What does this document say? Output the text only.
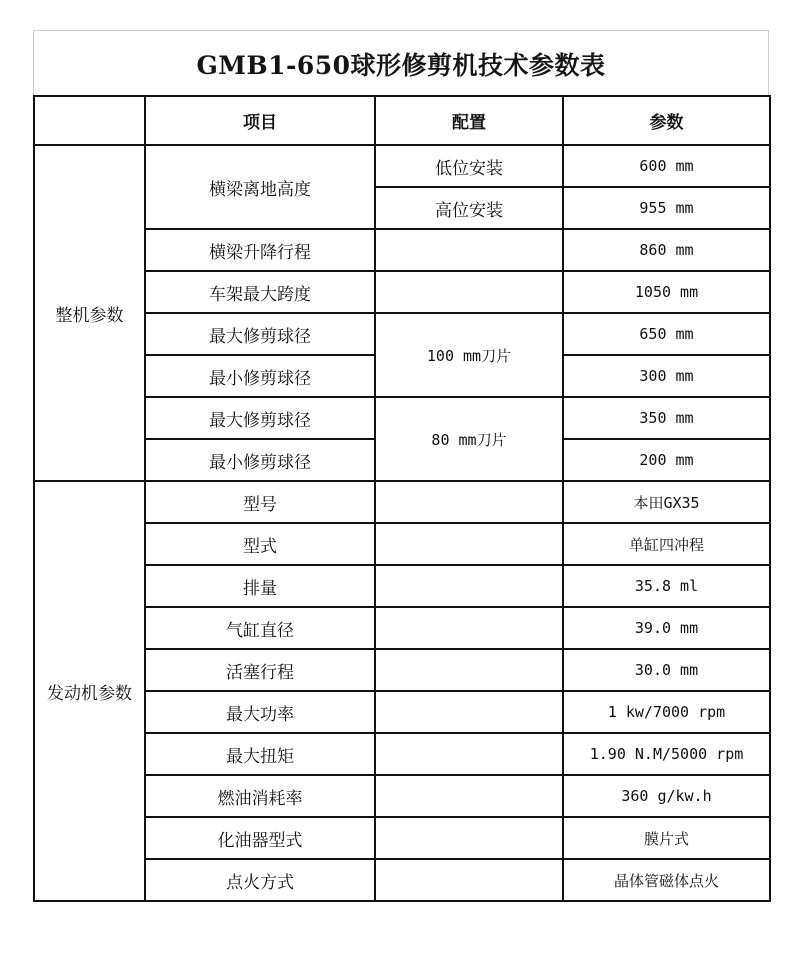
GMB1-650球形修剪机技术参数表
	项目	配置	参数
整机参数	横梁离地高度	低位安装	600 mm
		高位安装	955 mm
	横梁升降行程		860 mm
	车架最大跨度		1050 mm
	最大修剪球径	100 mm刀片	650 mm
	最小修剪球径		300 mm
	最大修剪球径	80 mm刀片	350 mm
	最小修剪球径		200 mm
发动机参数	型号		本田GX35
	型式		单缸四冲程
	排量		35.8 ml
	气缸直径		39.0 mm
	活塞行程		30.0 mm
	最大功率		1 kw/7000 rpm
	最大扭矩		1.90 N.M/5000 rpm
	燃油消耗率		360 g/kw.h
	化油器型式		膜片式
	点火方式		晶体管磁体点火
